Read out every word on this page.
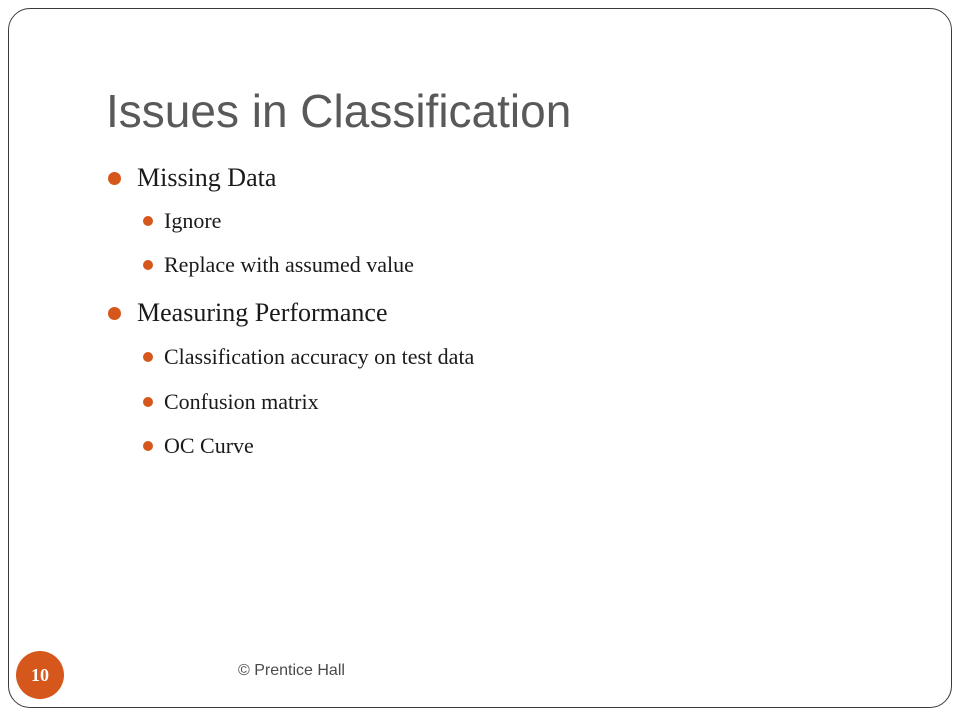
Issues in Classification
Missing Data
Ignore
Replace with assumed value
Measuring Performance
Classification accuracy on test data
Confusion matrix
OC Curve
10	© Prentice Hall
